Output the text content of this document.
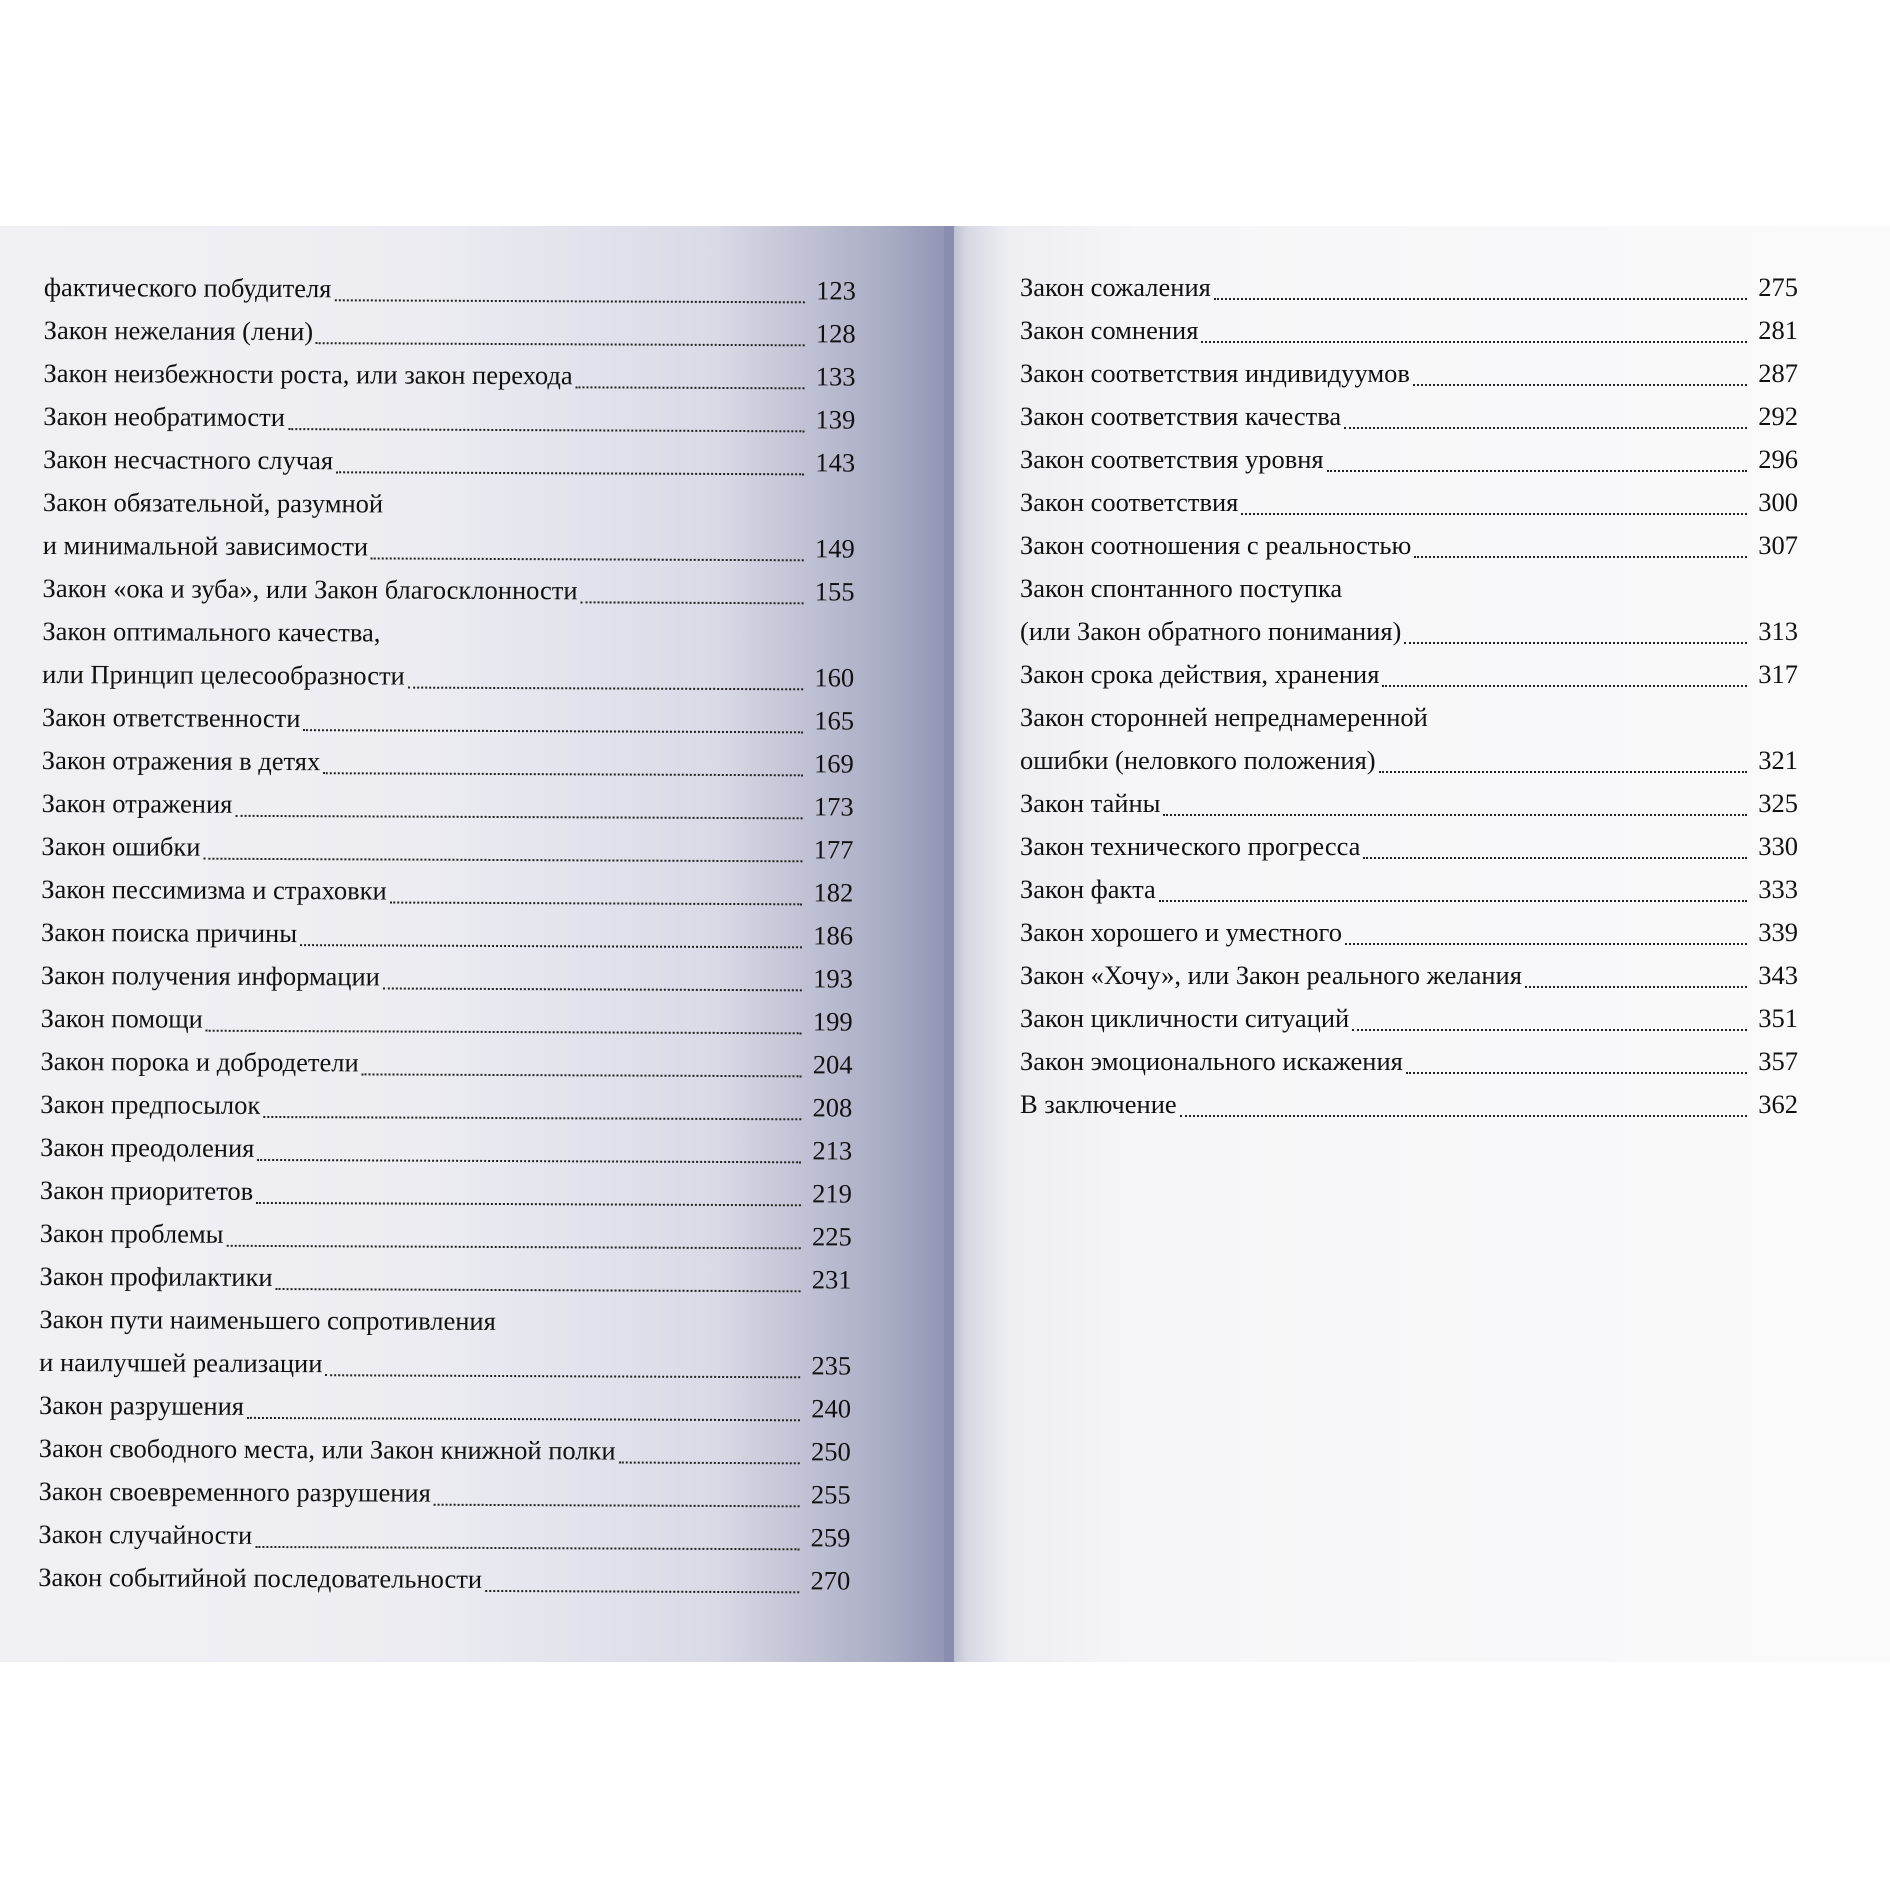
фактического побудителя	123
Закон нежелания (лени)	128
Закон неизбежности роста, или закон перехода	133
Закон необратимости	139
Закон несчастного случая	143
Закон обязательной, разумной
и минимальной зависимости	149
Закон «ока и зуба», или Закон благосклонности	155
Закон оптимального качества,
или Принцип целесообразности	160
Закон ответственности	165
Закон отражения в детях	169
Закон отражения	173
Закон ошибки	177
Закон пессимизма и страховки	182
Закон поиска причины	186
Закон получения информации	193
Закон помощи	199
Закон порока и добродетели	204
Закон предпосылок	208
Закон преодоления	213
Закон приоритетов	219
Закон проблемы	225
Закон профилактики	231
Закон пути наименьшего сопротивления
и наилучшей реализации	235
Закон разрушения	240
Закон свободного места, или Закон книжной полки	250
Закон своевременного разрушения	255
Закон случайности	259
Закон событийной последовательности	270
Закон сожаления	275
Закон сомнения	281
Закон соответствия индивидуумов	287
Закон соответствия качества	292
Закон соответствия уровня	296
Закон соответствия	300
Закон соотношения с реальностью	307
Закон спонтанного поступка
(или Закон обратного понимания)	313
Закон срока действия, хранения	317
Закон сторонней непреднамеренной
ошибки (неловкого положения)	321
Закон тайны	325
Закон технического прогресса	330
Закон факта	333
Закон хорошего и уместного	339
Закон «Хочу», или Закон реального желания	343
Закон цикличности ситуаций	351
Закон эмоционального искажения	357
В заключение	362
